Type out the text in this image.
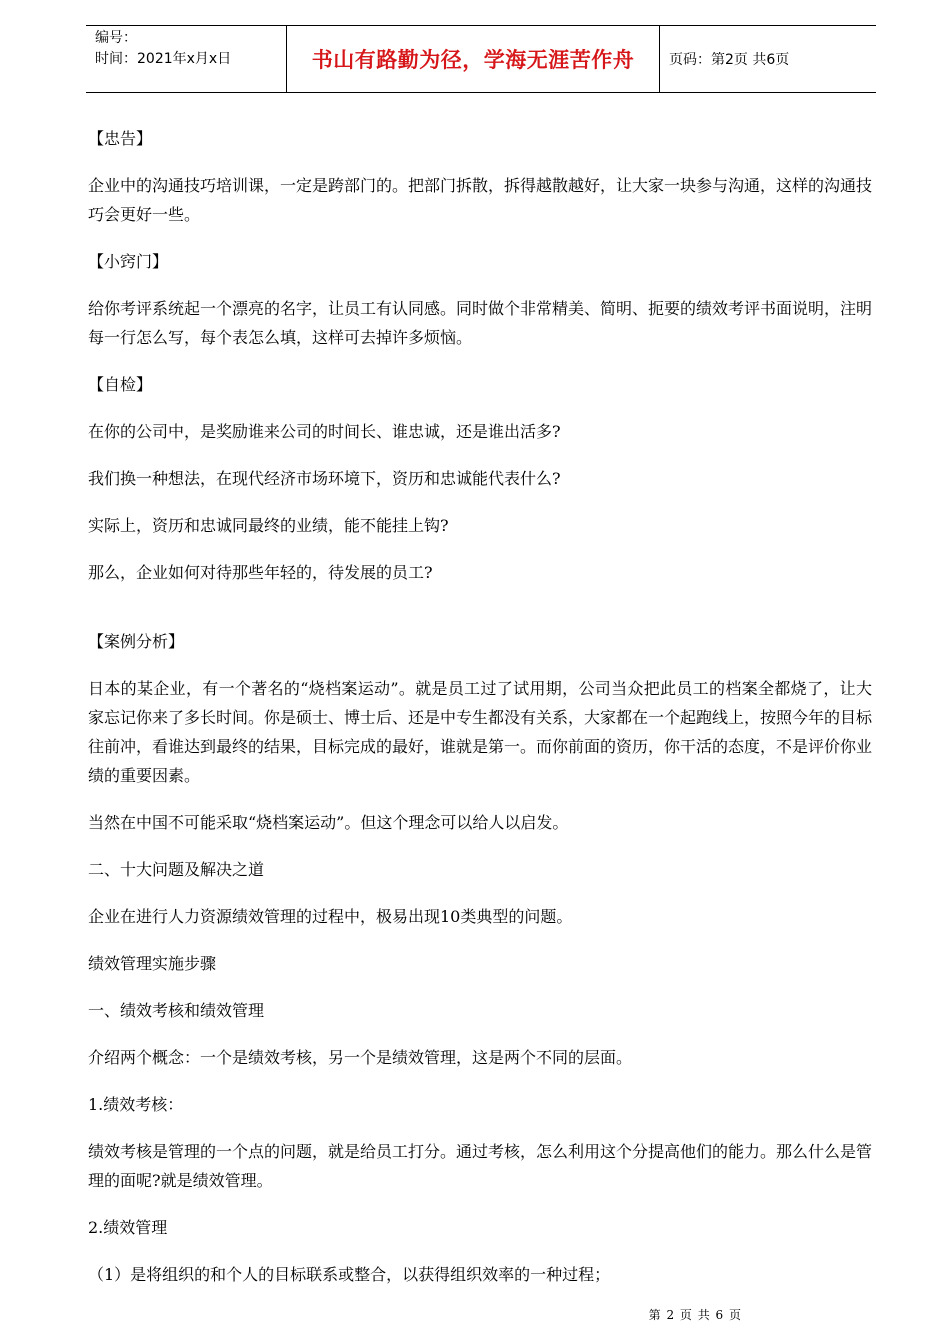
编号：
时间：2021年x月x日	书山有路勤为径，学海无涯苦作舟 页码：第2页 共6页

【忠告】

企业中的沟通技巧培训课，一定是跨部门的。把部门拆散，拆得越散越好，让大家一块参与沟通，这样的沟通技巧会更好一些。

【小窍门】

给你考评系统起一个漂亮的名字，让员工有认同感。同时做个非常精美、简明、扼要的绩效考评书面说明，注明每一行怎么写，每个表怎么填，这样可去掉许多烦恼。

【自检】

在你的公司中，是奖励谁来公司的时间长、谁忠诚，还是谁出活多?

我们换一种想法，在现代经济市场环境下，资历和忠诚能代表什么?

实际上，资历和忠诚同最终的业绩，能不能挂上钩?

那么，企业如何对待那些年轻的，待发展的员工?

【案例分析】

日本的某企业，有一个著名的“烧档案运动”。就是员工过了试用期，公司当众把此员工的档案全都烧了，让大家忘记你来了多长时间。你是硕士、博士后、还是中专生都没有关系，大家都在一个起跑线上，按照今年的目标往前冲，看谁达到最终的结果，目标完成的最好，谁就是第一。而你前面的资历，你干活的态度，不是评价你业绩的重要因素。

当然在中国不可能采取“烧档案运动”。但这个理念可以给人以启发。

二、十大问题及解决之道

企业在进行人力资源绩效管理的过程中，极易出现10类典型的问题。

绩效管理实施步骤

一、绩效考核和绩效管理

介绍两个概念：一个是绩效考核，另一个是绩效管理，这是两个不同的层面。

1.绩效考核：

绩效考核是管理的一个点的问题，就是给员工打分。通过考核，怎么利用这个分提高他们的能力。那么什么是管理的面呢?就是绩效管理。

2.绩效管理

（1）是将组织的和个人的目标联系或整合，以获得组织效率的一种过程；

第 2 页 共 6 页
